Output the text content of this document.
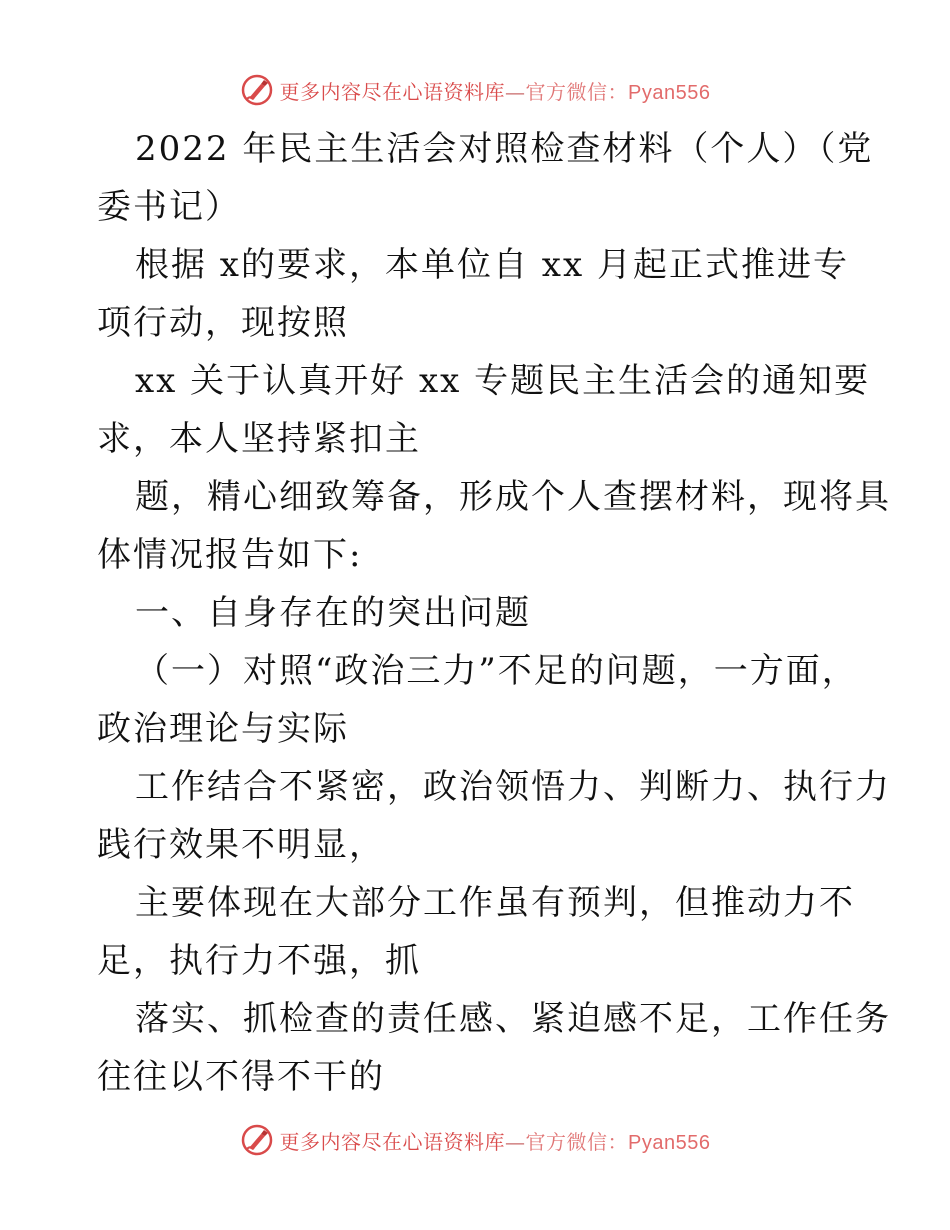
更多内容尽在心语资料库—官方微信：Pyan556

2022 年民主生活会对照检查材料（个人）（党
委书记）

根据 x的要求，本单位自 xx 月起正式推进专
项行动，现按照

xx 关于认真开好 xx 专题民主生活会的通知要
求，本人坚持紧扣主

题，精心细致筹备，形成个人查摆材料，现将具
体情况报告如下:

一、自身存在的突出问题

（一）对照“政治三力”不足的问题，一方面，
政治理论与实际

工作结合不紧密，政治领悟力、判断力、执行力
践行效果不明显，

主要体现在大部分工作虽有预判，但推动力不
足，执行力不强，抓

落实、抓检查的责任感、紧迫感不足，工作任务
往往以不得不干的

更多内容尽在心语资料库—官方微信：Pyan556
